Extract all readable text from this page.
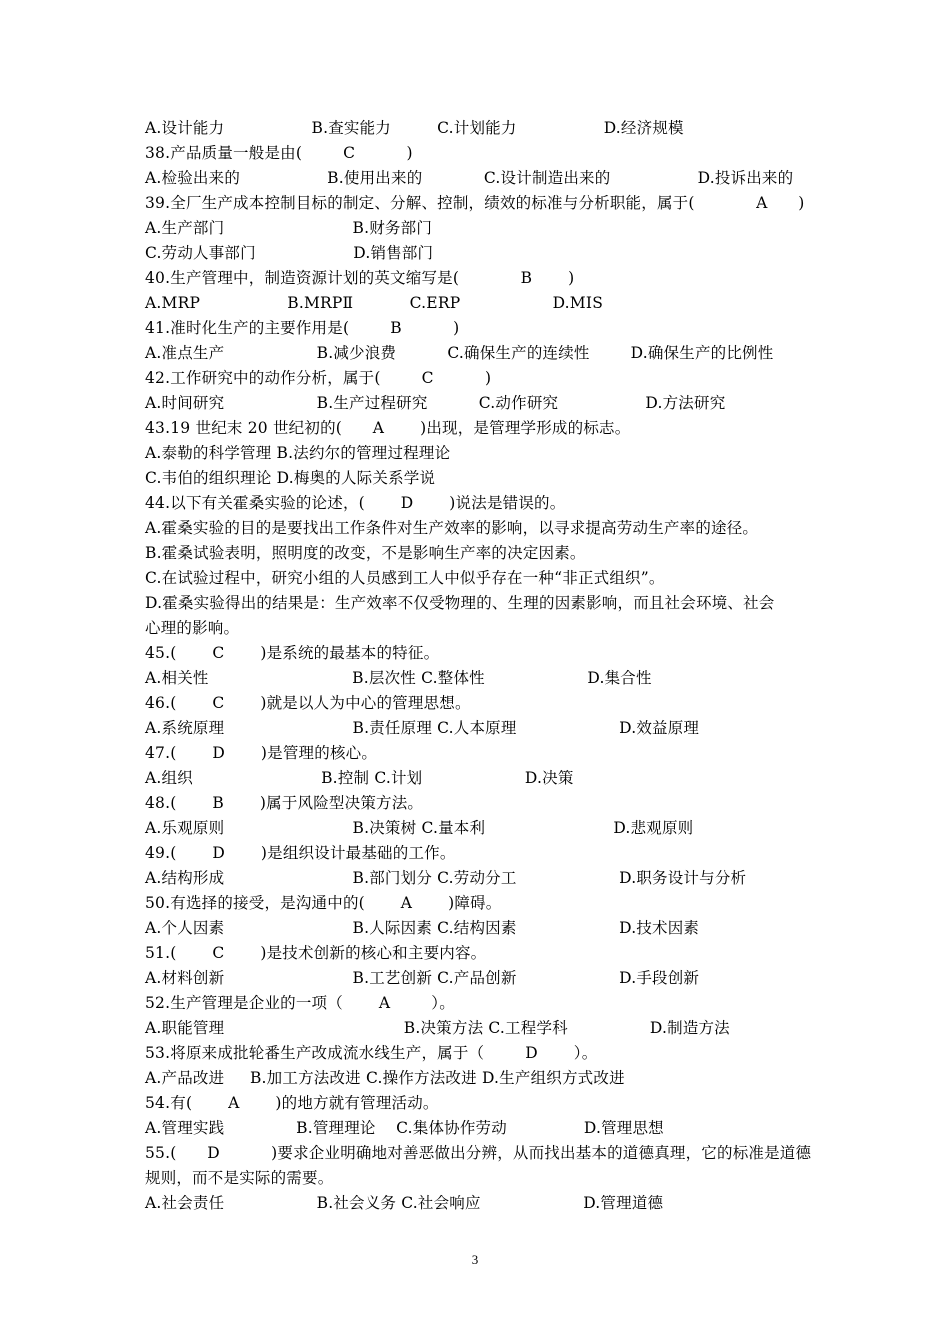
A.设计能力                 B.查实能力         C.计划能力                 D.经济规模
38.产品质量一般是由(        C          )
A.检验出来的                 B.使用出来的            C.设计制造出来的                 D.投诉出来的
39.全厂生产成本控制目标的制定、分解、控制，绩效的标准与分析职能，属于(            A      )
A.生产部门                         B.财务部门
C.劳动人事部门                   D.销售部门
40.生产管理中，制造资源计划的英文缩写是(            B       )
A.MRP                 B.MRPⅡ           C.ERP                  D.MIS
41.准时化生产的主要作用是(        B          )
A.准点生产                  B.减少浪费          C.确保生产的连续性        D.确保生产的比例性
42.工作研究中的动作分析，属于(        C          )
A.时间研究                  B.生产过程研究          C.动作研究                 D.方法研究
43.19 世纪末 20 世纪初的(      A       )出现，是管理学形成的标志。
A.泰勒的科学管理 B.法约尔的管理过程理论
C.韦伯的组织理论 D.梅奥的人际关系学说
44.以下有关霍桑实验的论述，(       D       )说法是错误的。
A.霍桑实验的目的是要找出工作条件对生产效率的影响，以寻求提高劳动生产率的途径。
B.霍桑试验表明，照明度的改变，不是影响生产率的决定因素。
C.在试验过程中，研究小组的人员感到工人中似乎存在一种“非正式组织”。
D.霍桑实验得出的结果是：生产效率不仅受物理的、生理的因素影响，而且社会环境、社会
心理的影响。
45.(       C       )是系统的最基本的特征。
A.相关性                            B.层次性 C.整体性                    D.集合性
46.(       C       )就是以人为中心的管理思想。
A.系统原理                         B.责任原理 C.人本原理                    D.效益原理
47.(       D       )是管理的核心。
A.组织                         B.控制 C.计划                    D.决策
48.(       B       )属于风险型决策方法。
A.乐观原则                         B.决策树 C.量本利                         D.悲观原则
49.(       D       )是组织设计最基础的工作。
A.结构形成                         B.部门划分 C.劳动分工                    D.职务设计与分析
50.有选择的接受，是沟通中的(       A       )障碍。
A.个人因素                         B.人际因素 C.结构因素                    D.技术因素
51.(       C       )是技术创新的核心和主要内容。
A.材料创新                         B.工艺创新 C.产品创新                    D.手段创新
52.生产管理是企业的一项（       A        ）。
A.职能管理                                   B.决策方法 C.工程学科                D.制造方法
53.将原来成批轮番生产改成流水线生产，属于（        D       ）。
A.产品改进     B.加工方法改进 C.操作方法改进 D.生产组织方式改进
54.有(       A       )的地方就有管理活动。
A.管理实践              B.管理理论    C.集体协作劳动               D.管理思想
55.(      D          )要求企业明确地对善恶做出分辨，从而找出基本的道德真理，它的标准是道德
规则，而不是实际的需要。
A.社会责任                  B.社会义务 C.社会响应                    D.管理道德
3
